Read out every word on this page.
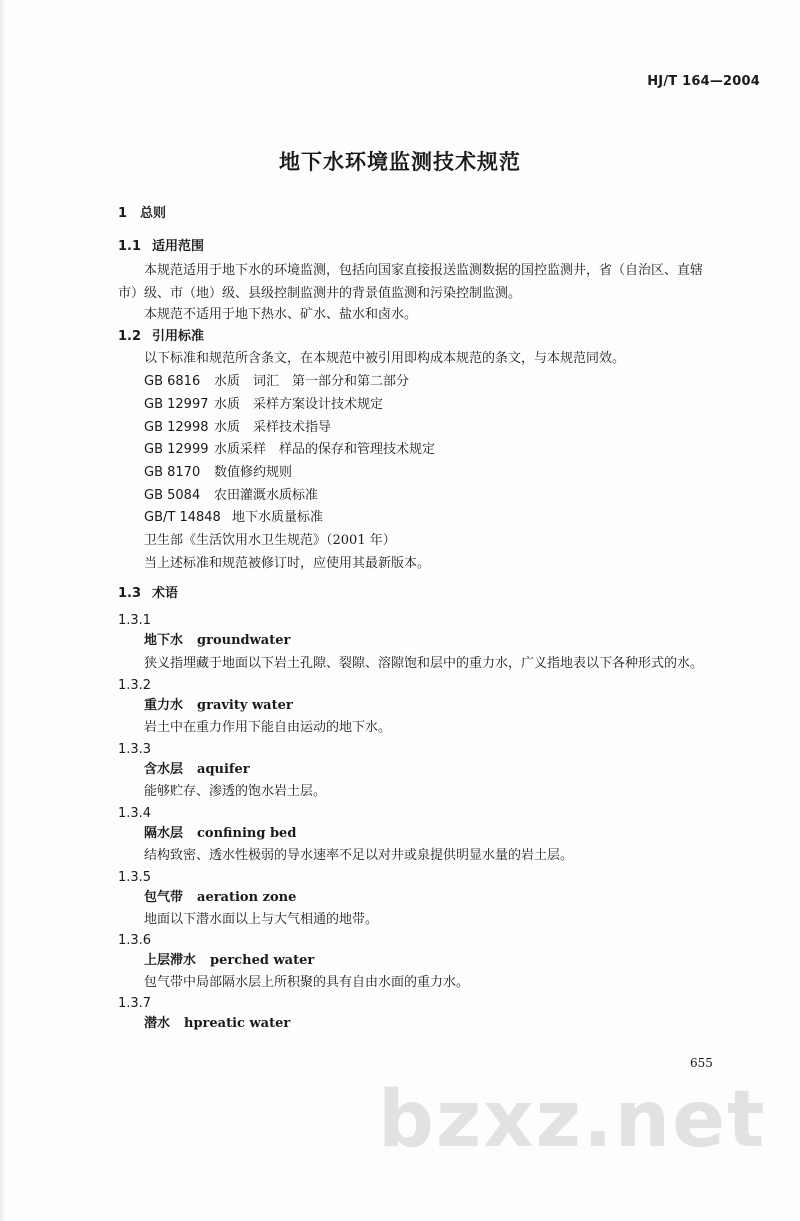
HJ/T 164—2004
地下水环境监测技术规范
1 总则
1.1 适用范围
本规范适用于地下水的环境监测，包括向国家直接报送监测数据的国控监测井，省（自治区、直辖
市）级、市（地）级、县级控制监测井的背景值监测和污染控制监测。
本规范不适用于地下热水、矿水、盐水和卤水。
1.2 引用标准
以下标准和规范所含条文，在本规范中被引用即构成本规范的条文，与本规范同效。
GB 6816 水质　词汇　第一部分和第二部分
GB 12997 水质　采样方案设计技术规定
GB 12998 水质　采样技术指导
GB 12999 水质采样　样品的保存和管理技术规定
GB 8170 数值修约规则
GB 5084 农田灌溉水质标准
GB/T 14848 地下水质量标准
卫生部《生活饮用水卫生规范》（2001 年）
当上述标准和规范被修订时，应使用其最新版本。
1.3 术语
1.3.1
地下水 groundwater
狭义指埋藏于地面以下岩土孔隙、裂隙、溶隙饱和层中的重力水，广义指地表以下各种形式的水。
1.3.2
重力水 gravity water
岩土中在重力作用下能自由运动的地下水。
1.3.3
含水层 aquifer
能够贮存、渗透的饱水岩土层。
1.3.4
隔水层 confining bed
结构致密、透水性极弱的导水速率不足以对井或泉提供明显水量的岩土层。
1.3.5
包气带 aeration zone
地面以下潜水面以上与大气相通的地带。
1.3.6
上层滞水 perched water
包气带中局部隔水层上所积聚的具有自由水面的重力水。
1.3.7
潜水 hpreatic water
655
bzxz.net
